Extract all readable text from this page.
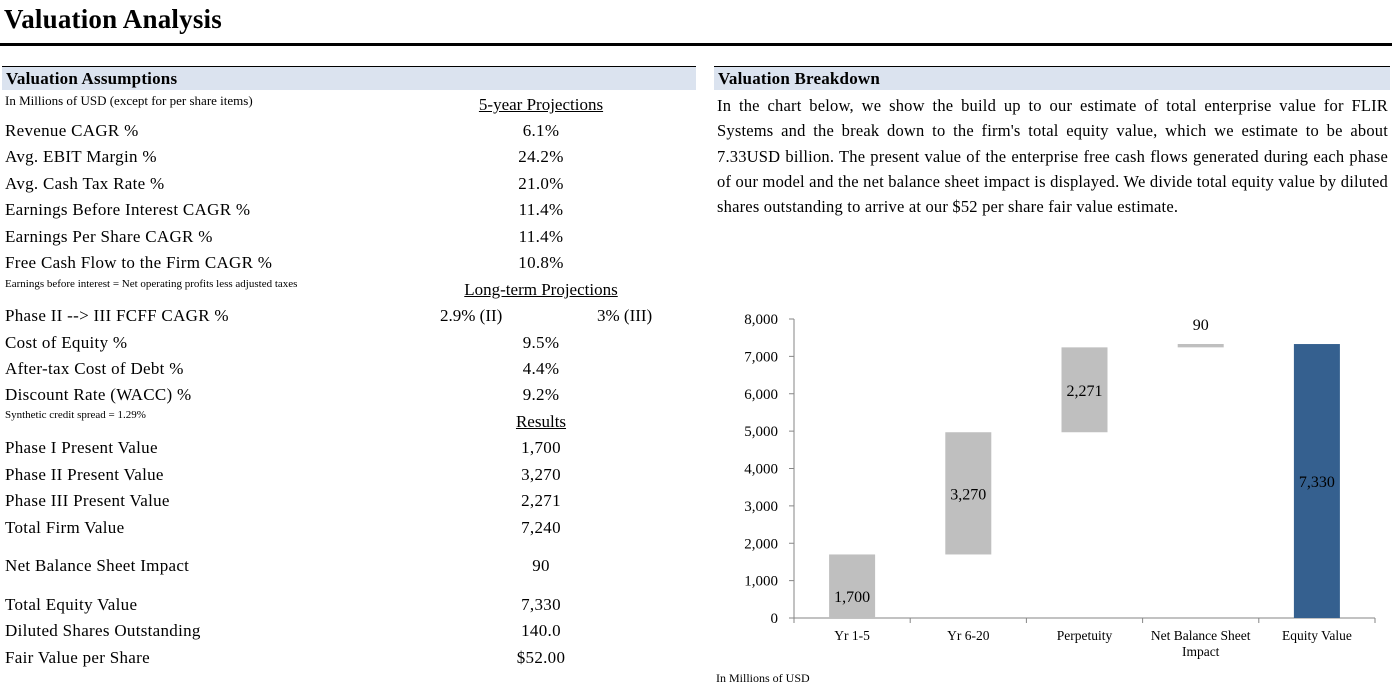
Valuation Analysis
Valuation Assumptions
In Millions of USD (except for per share items)	5-year Projections
Revenue CAGR %	6.1%
Avg. EBIT Margin %	24.2%
Avg. Cash Tax Rate %	21.0%
Earnings Before Interest CAGR %	11.4%
Earnings Per Share CAGR %	11.4%
Free Cash Flow to the Firm CAGR %	10.8%
Earnings before interest = Net operating profits less adjusted taxes	Long-term Projections
Phase II --> III FCFF CAGR %	2.9% (II)	3% (III)
Cost of Equity %	9.5%
After-tax Cost of Debt %	4.4%
Discount Rate (WACC) %	9.2%
Synthetic credit spread = 1.29%	Results
Phase I Present Value	1,700
Phase II Present Value	3,270
Phase III Present Value	2,271
Total Firm Value	7,240
Net Balance Sheet Impact	90
Total Equity Value	7,330
Diluted Shares Outstanding	140.0
Fair Value per Share	$52.00
Valuation Breakdown
In the chart below, we show the build up to our estimate of total enterprise value for FLIR Systems and the break down to the firm's total equity value, which we estimate to be about 7.33USD billion. The present value of the enterprise free cash flows generated during each phase of our model and the net balance sheet impact is displayed. We divide total equity value by diluted shares outstanding to arrive at our $52 per share fair value estimate.
0
1,000
2,000
3,000
4,000
5,000
6,000
7,000
8,000
1,700
Yr 1-5
3,270
Yr 6-20
2,271
Perpetuity
90
Net Balance Sheet Impact
7,330
Equity Value
In Millions of USD
